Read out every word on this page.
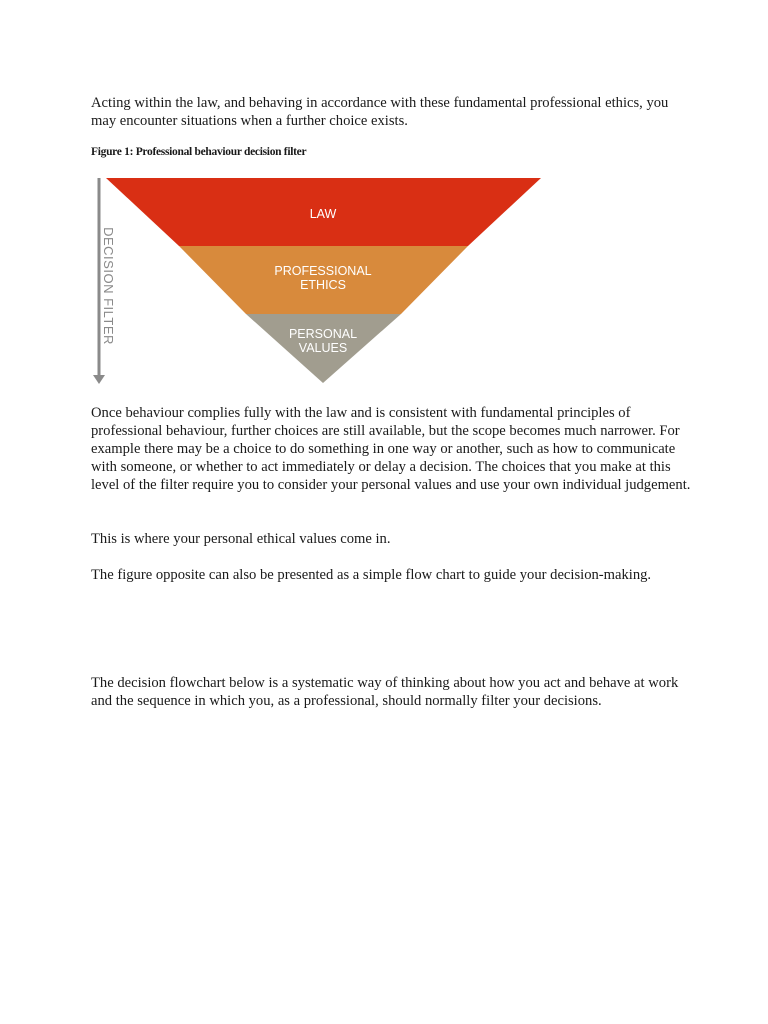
Acting within the law, and behaving in accordance with these fundamental professional ethics, you may encounter situations when a further choice exists.

Figure 1: Professional behaviour decision filter

LAW
PROFESSIONAL
ETHICS
PERSONAL
VALUES
DECISION FILTER

Once behaviour complies fully with the law and is consistent with fundamental principles of professional behaviour, further choices are still available, but the scope becomes much narrower. For example there may be a choice to do something in one way or another, such as how to communicate with someone, or whether to act immediately or delay a decision. The choices that you make at this level of the filter require you to consider your personal values and use your own individual judgement.

This is where your personal ethical values come in.

The figure opposite can also be presented as a simple flow chart to guide your decision-making.

The decision flowchart below is a systematic way of thinking about how you act and behave at work and the sequence in which you, as a professional, should normally filter your decisions.
